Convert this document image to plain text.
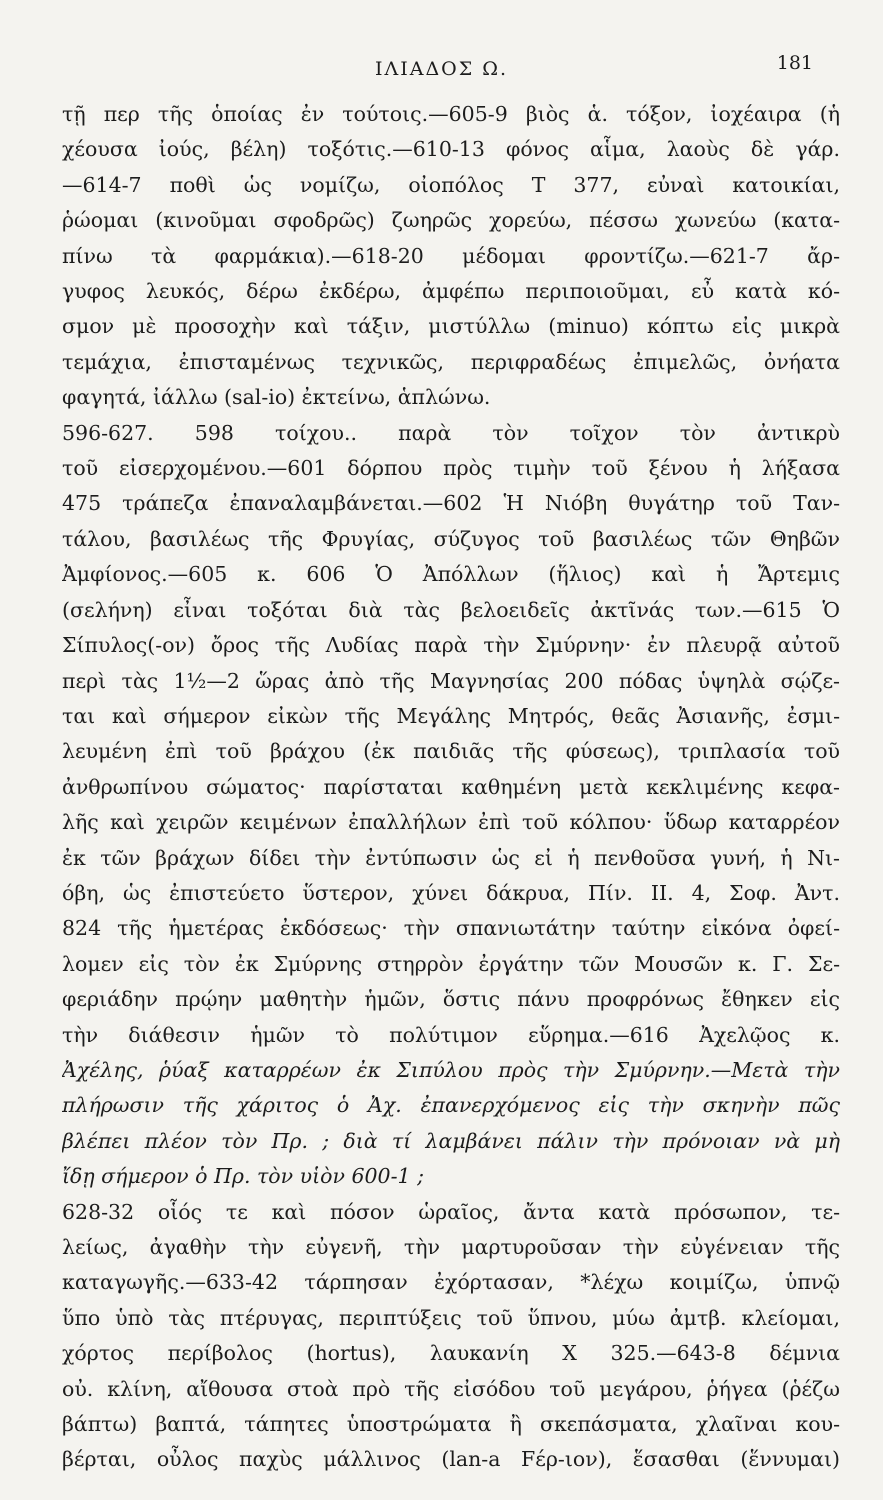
ΙΛΙΑΔΟΣ Ω.	181
τῇ περ τῆς ὁποίας ἐν τούτοις.—605-9 βιὸς ἁ. τόξον, ἰοχέαιρα (ἡ
χέουσα ἰούς, βέλη) τοξότις.—610-13 φόνος αἷμα, λαοὺς δὲ γάρ.
—614-7 ποθὶ ὡς νομίζω, οἰοπόλος Τ 377, εὐναὶ κατοικίαι,
ῥώομαι (κινοῦμαι σφοδρῶς) ζωηρῶς χορεύω, πέσσω χωνεύω (κατα-
πίνω τὰ φαρμάκια).—618-20 μέδομαι φροντίζω.—621-7 ἄρ-
γυφος λευκός, δέρω ἐκδέρω, ἀμφέπω περιποιοῦμαι, εὖ κατὰ κό-
σμον μὲ προσοχὴν καὶ τάξιν, μιστύλλω (minuo) κόπτω εἰς μικρὰ
τεμάχια, ἐπισταμένως τεχνικῶς, περιφραδέως ἐπιμελῶς, ὀνήατα
φαγητά, ἰάλλω (sal-io) ἐκτείνω, ἁπλώνω.
596-627. 598 τοίχου.. παρὰ τὸν τοῖχον τὸν ἀντικρὺ
τοῦ εἰσερχομένου.—601 δόρπου πρὸς τιμὴν τοῦ ξένου ἡ λήξασα
475 τράπεζα ἐπαναλαμβάνεται.—602 Ἡ Νιόβη θυγάτηρ τοῦ Ταν-
τάλου, βασιλέως τῆς Φρυγίας, σύζυγος τοῦ βασιλέως τῶν Θηβῶν
Ἀμφίονος.—605 κ. 606 Ὁ Ἀπόλλων (ἥλιος) καὶ ἡ Ἄρτεμις
(σελήνη) εἶναι τοξόται διὰ τὰς βελοειδεῖς ἀκτῖνάς των.—615 Ὁ
Σίπυλος(-ον) ὄρος τῆς Λυδίας παρὰ τὴν Σμύρνην· ἐν πλευρᾷ αὐτοῦ
περὶ τὰς 1½—2 ὥρας ἀπὸ τῆς Μαγνησίας 200 πόδας ὑψηλὰ σῴζε-
ται καὶ σήμερον εἰκὼν τῆς Μεγάλης Μητρός, θεᾶς Ἀσιανῆς, ἐσμι-
λευμένη ἐπὶ τοῦ βράχου (ἐκ παιδιᾶς τῆς φύσεως), τριπλασία τοῦ
ἀνθρωπίνου σώματος· παρίσταται καθημένη μετὰ κεκλιμένης κεφα-
λῆς καὶ χειρῶν κειμένων ἐπαλλήλων ἐπὶ τοῦ κόλπου· ὕδωρ καταρρέον
ἐκ τῶν βράχων δίδει τὴν ἐντύπωσιν ὡς εἰ ἡ πενθοῦσα γυνή, ἡ Νι-
όβη, ὡς ἐπιστεύετο ὕστερον, χύνει δάκρυα, Πίν. ΙΙ. 4, Σοφ. Ἀντ.
824 τῆς ἡμετέρας ἐκδόσεως· τὴν σπανιωτάτην ταύτην εἰκόνα ὀφεί-
λομεν εἰς τὸν ἐκ Σμύρνης στηρρὸν ἐργάτην τῶν Μουσῶν κ. Γ. Σε-
φεριάδην πρῴην μαθητὴν ἡμῶν, ὅστις πάνυ προφρόνως ἔθηκεν εἰς
τὴν διάθεσιν ἡμῶν τὸ πολύτιμον εὕρημα.—616 Ἀχελῷος κ.
Ἀχέλης, ῥύαξ καταρρέων ἐκ Σιπύλου πρὸς τὴν Σμύρνην.—Μετὰ τὴν
πλήρωσιν τῆς χάριτος ὁ Ἀχ. ἐπανερχόμενος εἰς τὴν σκηνὴν πῶς
βλέπει πλέον τὸν Πρ. ; διὰ τί λαμβάνει πάλιν τὴν πρόνοιαν νὰ μὴ
ἴδῃ σήμερον ὁ Πρ. τὸν υἱὸν 600-1 ;
628-32 οἷός τε καὶ πόσον ὡραῖος, ἄντα κατὰ πρόσωπον, τε-
λείως, ἀγαθὴν τὴν εὐγενῆ, τὴν μαρτυροῦσαν τὴν εὐγένειαν τῆς
καταγωγῆς.—633-42 τάρπησαν ἐχόρτασαν, *λέχω κοιμίζω, ὑπνῷ
ὕπο ὑπὸ τὰς πτέρυγας, περιπτύξεις τοῦ ὕπνου, μύω ἀμτβ. κλείομαι,
χόρτος περίβολος (hortus), λαυκανίη Χ 325.—643-8 δέμνια
οὐ. κλίνη, αἴθουσα στοὰ πρὸ τῆς εἰσόδου τοῦ μεγάρου, ῥήγεα (ῥέζω
βάπτω) βαπτά, τάπητες ὑποστρώματα ἢ σκεπάσματα, χλαῖναι κου-
βέρται, οὖλος παχὺς μάλλινος (lan-a Fέρ-ιον), ἕσασθαι (ἕννυμαι)
